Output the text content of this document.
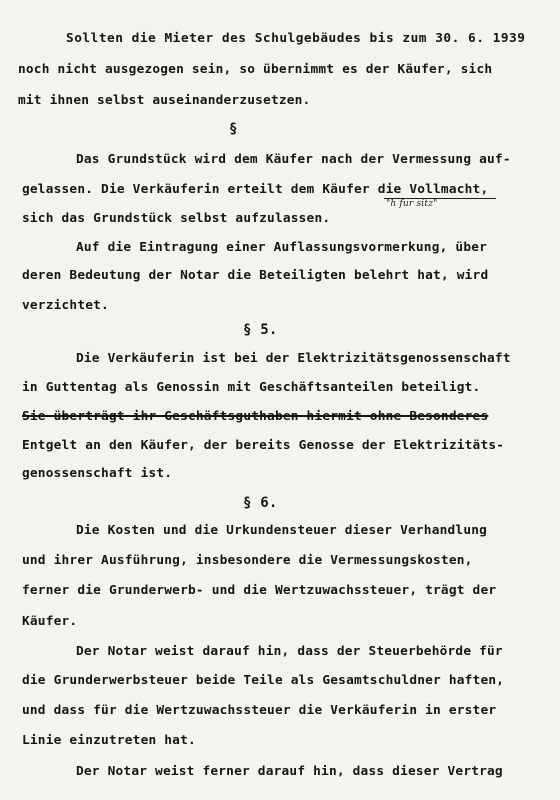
Sollten die Mieter des Schulgebäudes bis zum 30. 6. 1939
noch nicht ausgezogen sein, so übernimmt es der Käufer, sich
mit ihnen selbst auseinanderzusetzen.
§
Das Grundstück wird dem Käufer nach der Vermessung auf-
gelassen. Die Verkäuferin erteilt dem Käufer die Vollmacht,
"h fur sitz"
sich das Grundstück selbst aufzulassen.
Auf die Eintragung einer Auflassungsvormerkung, über
deren Bedeutung der Notar die Beteiligten belehrt hat, wird
verzichtet.
§ 5.
Die Verkäuferin ist bei der Elektrizitätsgenossenschaft
in Guttentag als Genossin mit Geschäftsanteilen beteiligt.
Sie überträgt ihr Geschäftsguthaben hiermit ohne Besonderes
Entgelt an den Käufer, der bereits Genosse der Elektrizitäts-
genossenschaft ist.
§ 6.
Die Kosten und die Urkundensteuer dieser Verhandlung
und ihrer Ausführung, insbesondere die Vermessungskosten,
ferner die Grunderwerb- und die Wertzuwachssteuer, trägt der
Käufer.
Der Notar weist darauf hin, dass der Steuerbehörde für
die Grunderwerbsteuer beide Teile als Gesamtschuldner haften,
und dass für die Wertzuwachssteuer die Verkäuferin in erster
Linie einzutreten hat.
Der Notar weist ferner darauf hin, dass dieser Vertrag
